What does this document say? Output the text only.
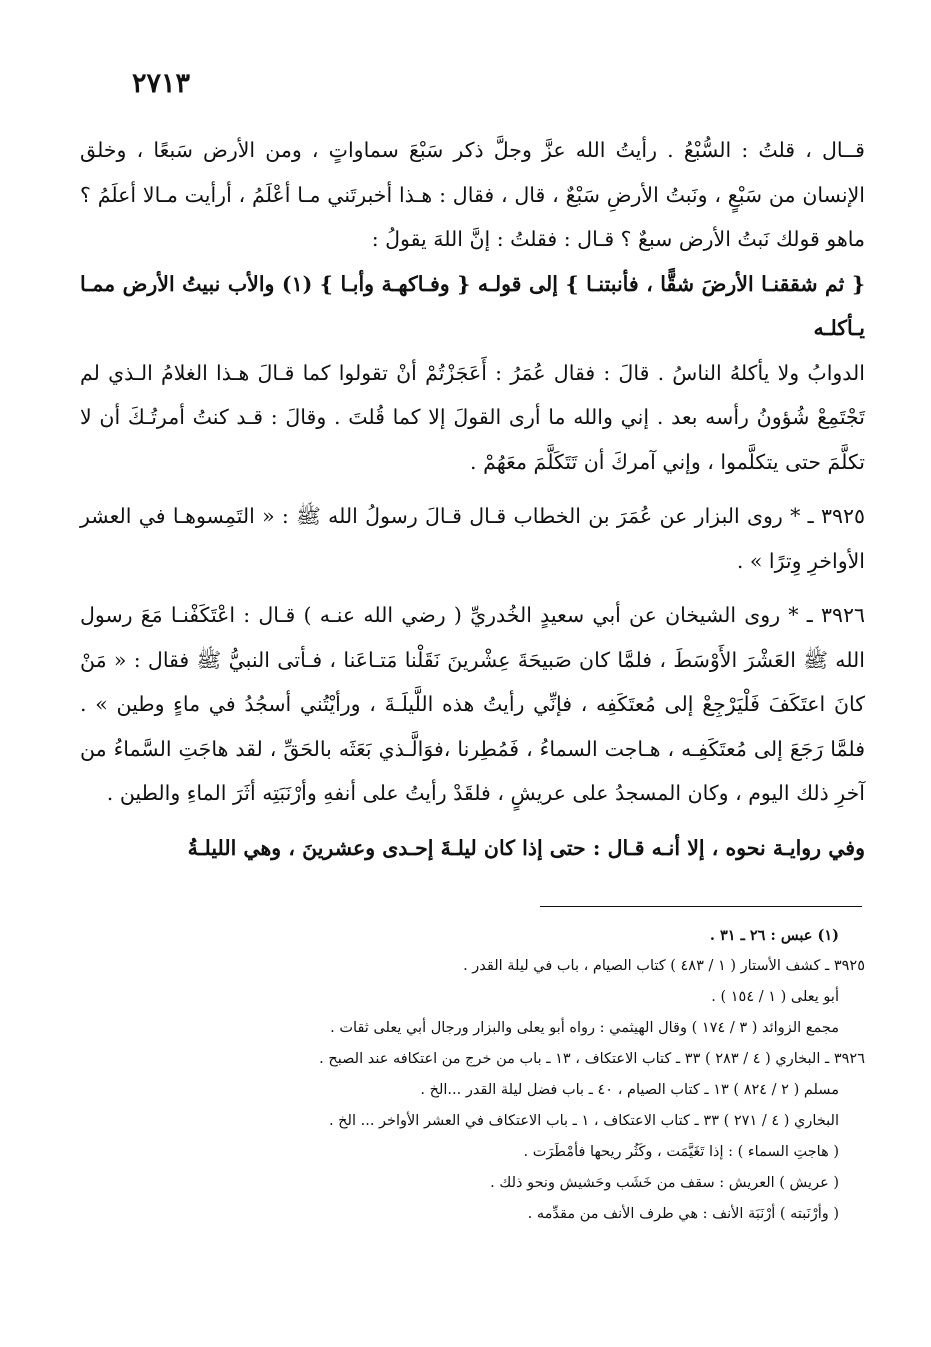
٢٧١٣

قــال ، قلتُ : السُّبْعُ . رأيتُ الله عزَّ وجلَّ ذكر سَبْعَ سماواتٍ ، ومن الأرض سَبعًا ، وخلق الإنسان من سَبْعٍ ، ونَبتُ الأرضِ سَبْعٌ ، قال ، فقال : هـذا أخبرتَني مـا أعْلَمُ ، أرأيت مـالا أعلَمُ ؟ ماهو قولك نَبتُ الأرض سبعٌ ؟ قـال : فقلتُ : إنَّ اللهَ يقولُ :

{ ثم شققنـا الأرضَ شقًّا ، فأنبتنـا } إلى قولـه { وفـاكهـة وأبـا } (١) والأب نبيتُ الأرض ممـا يـأكلـه

الدوابُ ولا يأكلهُ الناسُ . قالَ : فقال عُمَرُ : أَعَجَزْتُمْ أنْ تقولوا كما قـالَ هـذا الغلامُ الـذي لم تَجْتَمِعْ شُؤونُ رأسه بعد . إني والله ما أرى القولَ إلا كما قُلتَ . وقالَ : قـد كنتُ أمرتُـكَ أن لا تكلَّمَ حتى يتكلَّموا ، وإني آمركَ أن تَتَكَلَّمَ معَهُمْ .

٣٩٢٥ ـ * روى البزار عن عُمَرَ بن الخطاب قـال قـالَ رسولُ الله ﷺ : « التَمِسوهـا في العشر الأواخرِ وِترًا » .

٣٩٢٦ ـ * روى الشيخان عن أبي سعيدٍ الخُدريِّ ( رضي الله عنـه ) قـال : اعْتَكَفْنـا مَعَ رسول الله ﷺ العَشْرَ الأَوْسَطَ ، فلمَّا كان صَبيحَةَ عِشْرينَ نَقَلْنا مَتـاعَنا ، فـأتى النبيُّ ﷺ فقال : « مَنْ كانَ اعتَكَفَ فَلْيَرْجِعْ إلى مُعتَكَفِه ، فإنِّي رأيتُ هذه اللَّيلَـةَ ، ورأيْتُني أسجُدُ في ماءٍ وطين » . فلمَّا رَجَعَ إلى مُعتَكَفِـه ، هـاجت السماءُ ، فَمُطِرنا ،فوَالَّـذي بَعَثَه بالحَقِّ ، لقد هاجَتِ السَّماءُ من آخرِ ذلك اليوم ، وكان المسجدُ على عريشٍ ، فلقَدْ رأيتُ على أنفهِ وأرْنَبَتِه أثَرَ الماءِ والطين .

وفي روايـة نحوه ، إلا أنـه قـال : حتى إذا كان ليلـةَ إحـدى وعشرينَ ، وهي الليلـةُ

(١) عبس : ٢٦ ـ ٣١ .

٣٩٢٥ ـ كشف الأستار ( ١ / ٤٨٣ ) كتاب الصيام ، باب في ليلة القدر .

أبو يعلى ( ١ / ١٥٤ ) .

مجمع الزوائد ( ٣ / ١٧٤ ) وقال الهيثمي : رواه أبو يعلى والبزار ورجال أبي يعلى ثقات .

٣٩٢٦ ـ البخاري ( ٤ / ٢٨٣ ) ٣٣ ـ كتاب الاعتكاف ، ١٣ ـ باب من خرج من اعتكافه عند الصبح .

مسلم ( ٢ / ٨٢٤ ) ١٣ ـ كتاب الصيام ، ٤٠ ـ باب فضل ليلة القدر ...الخ .

البخاري ( ٤ / ٢٧١ ) ٣٣ ـ كتاب الاعتكاف ، ١ ـ باب الاعتكاف في العشر الأواخر ... الخ .

( هاجتِ السماء ) : إذا تَغَيَّمَت ، وكَثُر ريحها فأمْطَرَت .

( عريش ) العريش : سقف من خَشَب وحَشيش ونحو ذلك .

( وأرْنَبته ) أرْنَبَة الأنف : هي طرف الأنف من مقدِّمه .
